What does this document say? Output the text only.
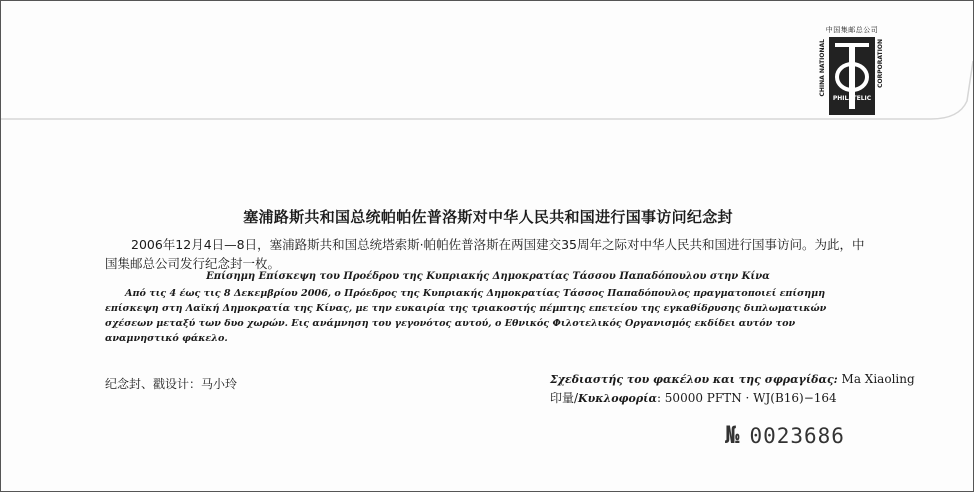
中国集邮总公司
CHINA NATIONAL	CORPORATION
PHILATELIC
塞浦路斯共和国总统帕帕佐普洛斯对中华人民共和国进行国事访问纪念封
2006年12月4日—8日，塞浦路斯共和国总统塔索斯·帕帕佐普洛斯在两国建交35周年之际对中华人民共和国进行国事访问。为此，中国集邮总公司发行纪念封一枚。
Επίσημη Επίσκεψη του Προέδρου της Κυπριακής Δημοκρατίας Τάσσου Παπαδόπουλου στην Κίνα
Από τις 4 έως τις 8 Δεκεμβρίου 2006, ο Πρόεδρος της Κυπριακής Δημοκρατίας Τάσσος Παπαδόπουλος πραγματοποιεί επίσημη επίσκεψη στη Λαϊκή Δημοκρατία της Κίνας, με την ευκαιρία της τριακοστής πέμπτης επετείου της εγκαθίδρυσης διπλωματικών σχέσεων μεταξύ των δυο χωρών. Εις ανάμνηση του γεγονότος αυτού, ο Εθνικός Φιλοτελικός Οργανισμός εκδίδει αυτόν τον αναμνηστικό φάκελο.
纪念封、戳设计：马小玲	Σχεδιαστής του φακέλου και της σφραγίδας: Ma Xiaoling
印量/Κυκλοφορία: 50000 PFTN · WJ(B16)−164
№ 0023686
